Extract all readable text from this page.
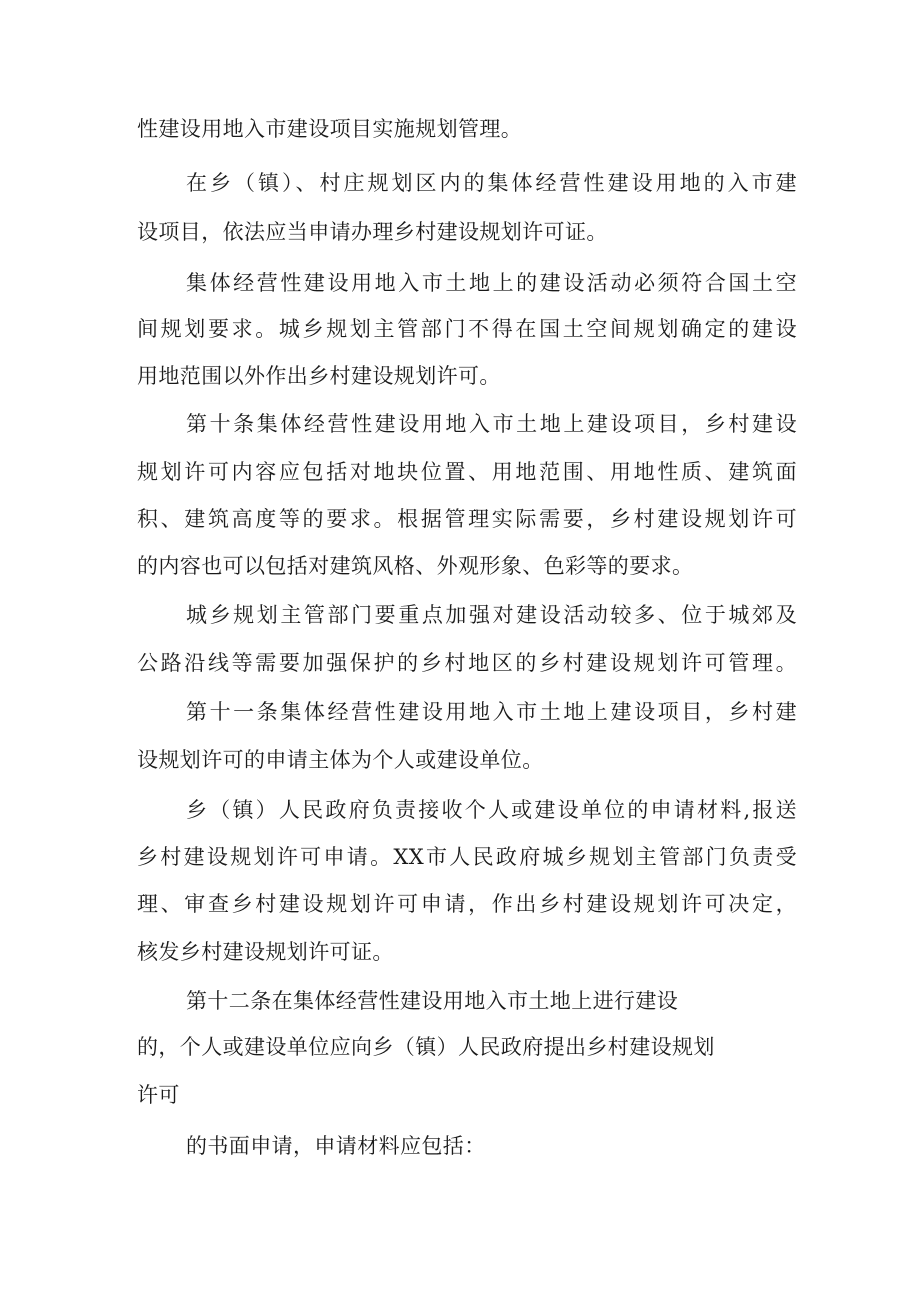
性建设用地入市建设项目实施规划管理。
在乡（镇）、村庄规划区内的集体经营性建设用地的入市建
设项目，依法应当申请办理乡村建设规划许可证。
集体经营性建设用地入市土地上的建设活动必须符合国土空
间规划要求。城乡规划主管部门不得在国土空间规划确定的建设
用地范围以外作出乡村建设规划许可。
第十条集体经营性建设用地入市土地上建设项目，乡村建设
规划许可内容应包括对地块位置、用地范围、用地性质、建筑面
积、建筑高度等的要求。根据管理实际需要，乡村建设规划许可
的内容也可以包括对建筑风格、外观形象、色彩等的要求。
城乡规划主管部门要重点加强对建设活动较多、位于城郊及
公路沿线等需要加强保护的乡村地区的乡村建设规划许可管理。
第十一条集体经营性建设用地入市土地上建设项目，乡村建
设规划许可的申请主体为个人或建设单位。
乡（镇）人民政府负责接收个人或建设单位的申请材料,报送
乡村建设规划许可申请。XX市人民政府城乡规划主管部门负责受
理、审查乡村建设规划许可申请，作出乡村建设规划许可决定，
核发乡村建设规划许可证。
第十二条在集体经营性建设用地入市土地上进行建设
的，个人或建设单位应向乡（镇）人民政府提出乡村建设规划
许可
的书面申请，申请材料应包括：
